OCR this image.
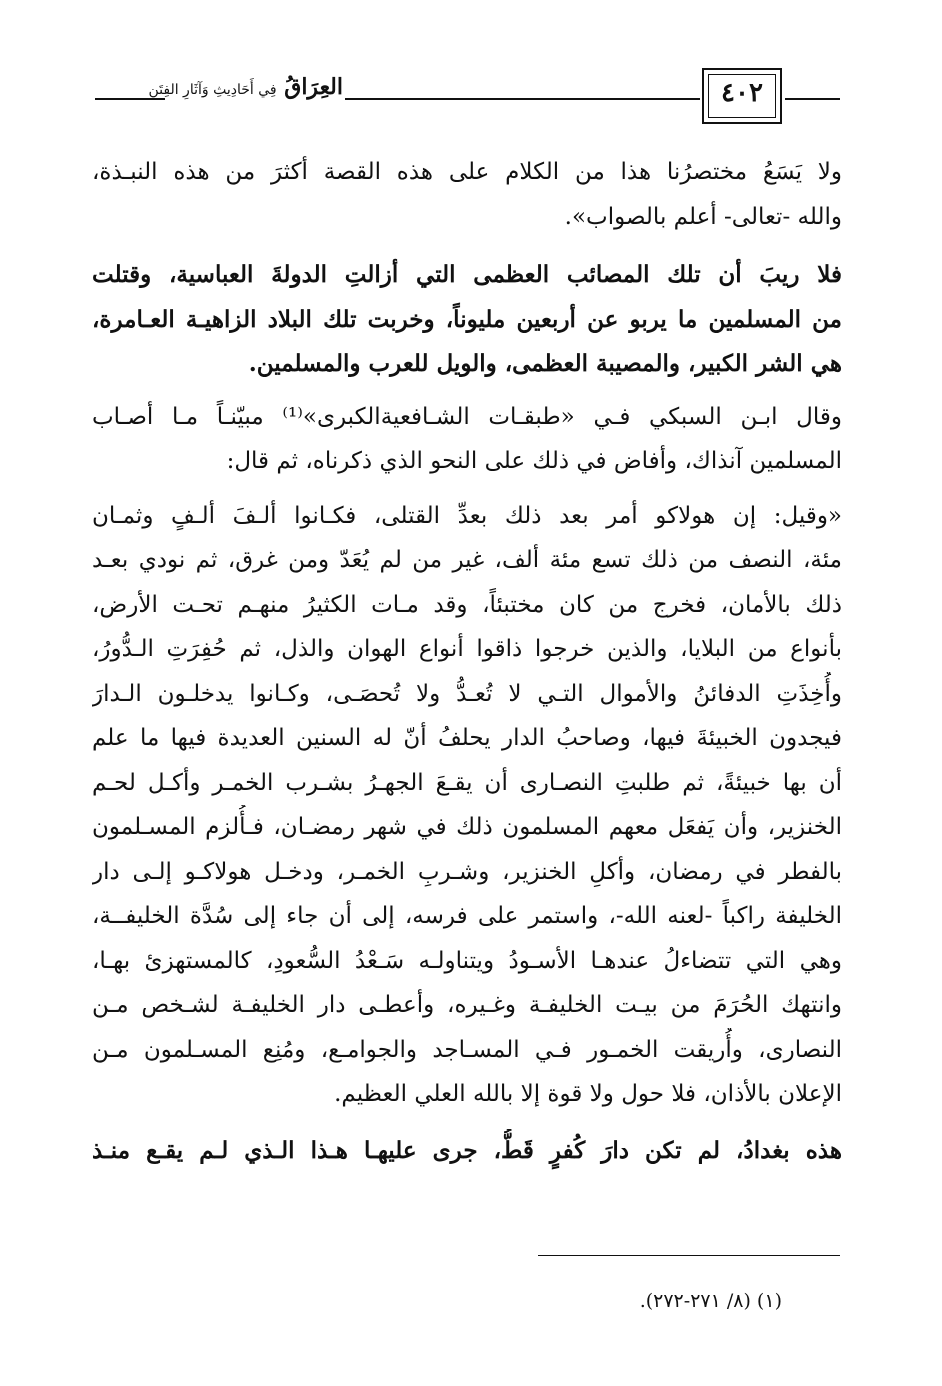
العِرَاقُ فِي أَحَادِيثِ وَآثَارِ الفِتَنِ	٤٠٢
ولا يَسَعُ مختصرُنا هذا من الكلام على هذه القصة أكثرَ من هذه النبـذة،
والله -تعالى- أعلم بالصواب».
فلا ريبَ أن تلك المصائب العظمى التي أزالتِ الدولةَ العباسية، وقتلت
من المسلمين ما يربو عن أربعين مليوناً، وخربت تلك البلاد الزاهيـة العـامرة،
هي الشر الكبير، والمصيبة العظمى، والويل للعرب والمسلمين.
وقال ابـن السبكي فـي «طبقـات الشـافعيةالكبرى»⁽¹⁾ مبيّنـاً مـا أصـاب
المسلمين آنذاك، وأفاض في ذلك على النحو الذي ذكرناه، ثم قال:
«وقيل: إن هولاكو أمر بعد ذلك بعدِّ القتلى، فكـانوا ألـفَ ألـفٍ وثمـان
مئة، النصف من ذلك تسع مئة ألف، غير من لم يُعَدّ ومن غرق، ثم نودي بعـد
ذلك بالأمان، فخرج من كان مختبئاً، وقد مـات الكثيرُ منهـم تحـت الأرض،
بأنواع من البلايا، والذين خرجوا ذاقوا أنواع الهوان والذل، ثم حُفِرَتِ الـدُّورُ،
وأُخِذَتِ الدفائنُ والأموال التـي لا تُعـدُّ ولا تُحصَـى، وكـانوا يدخلـون الـدارَ
فيجدون الخبيئةَ فيها، وصاحبُ الدار يحلفُ أنّ له السنين العديدة فيها ما علم
أن بها خبيئةً، ثم طلبتِ النصـارى أن يقـعَ الجهـرُ بشـرب الخمـر وأكـل لحـم
الخنزير، وأن يَفعَل معهم المسلمون ذلك في شهر رمضـان، فـأُلزم المسـلمون
بالفطر في رمضان، وأكلِ الخنزير، وشـربِ الخمـر، ودخـل هولاكـو إلـى دار
الخليفة راكباً -لعنه الله-، واستمر على فرسه، إلى أن جاء إلى سُدَّة الخليفــة،
وهي التي تتضاءلُ عندهـا الأسـودُ ويتناولـه سَـعْدُ السُّعودِ، كالمستهزئ بهـا،
وانتهك الحُرَمَ من بيـت الخليفـة وغـيره، وأعطـى دار الخليفـة لشـخص مـن
النصارى، وأُريقت الخمـور فـي المسـاجد والجوامـع، ومُنِع المسـلمون مـن
الإعلان بالأذان، فلا حول ولا قوة إلا بالله العلي العظيم.
هذه بغدادُ، لم تكن دارَ كُفرٍ قَطُّ، جرى عليهـا هـذا الـذي لـم يقـع منـذ
(١) (٨/ ٢٧١-٢٧٢).
